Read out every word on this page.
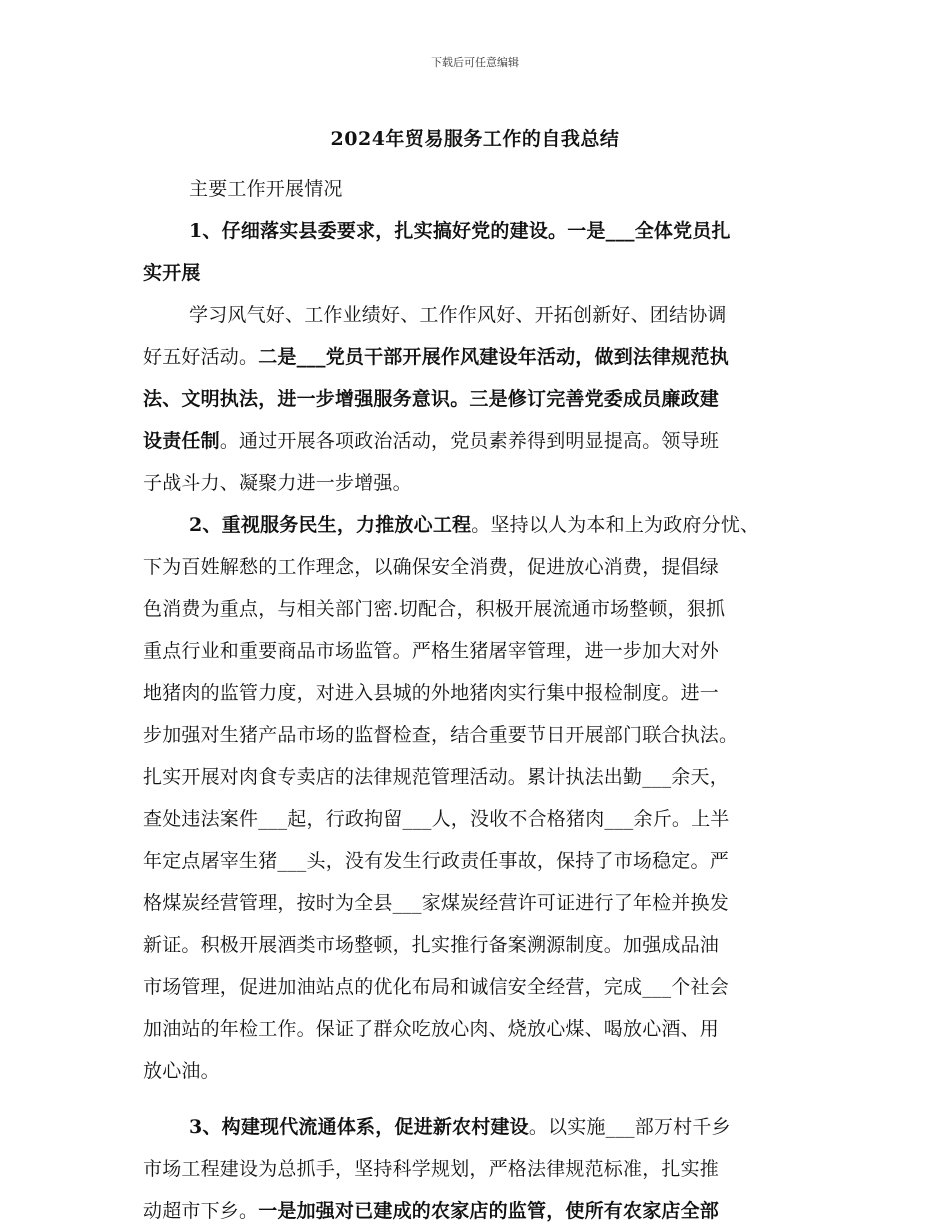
下载后可任意编辑
2024年贸易服务工作的自我总结
主要工作开展情况
1、仔细落实县委要求，扎实搞好党的建设。一是___全体党员扎
实开展
学习风气好、工作业绩好、工作作风好、开拓创新好、团结协调
好五好活动。二是___党员干部开展作风建设年活动，做到法律规范执
法、文明执法，进一步增强服务意识。三是修订完善党委成员廉政建
设责任制。通过开展各项政治活动，党员素养得到明显提高。领导班
子战斗力、凝聚力进一步增强。
2、重视服务民生，力推放心工程。坚持以人为本和上为政府分忧、
下为百姓解愁的工作理念，以确保安全消费，促进放心消费，提倡绿
色消费为重点，与相关部门密.切配合，积极开展流通市场整顿，狠抓
重点行业和重要商品市场监管。严格生猪屠宰管理，进一步加大对外
地猪肉的监管力度，对进入县城的外地猪肉实行集中报检制度。进一
步加强对生猪产品市场的监督检查，结合重要节日开展部门联合执法。
扎实开展对肉食专卖店的法律规范管理活动。累计执法出勤___余天，
查处违法案件___起，行政拘留___人，没收不合格猪肉___余斤。上半
年定点屠宰生猪___头，没有发生行政责任事故，保持了市场稳定。严
格煤炭经营管理，按时为全县___家煤炭经营许可证进行了年检并换发
新证。积极开展酒类市场整顿，扎实推行备案溯源制度。加强成品油
市场管理，促进加油站点的优化布局和诚信安全经营，完成___个社会
加油站的年检工作。保证了群众吃放心肉、烧放心煤、喝放心酒、用
放心油。
3、构建现代流通体系，促进新农村建设。以实施___部万村千乡
市场工程建设为总抓手，坚持科学规划，严格法律规范标准，扎实推
动超市下乡。一是加强对已建成的农家店的监管，使所有农家店全部
